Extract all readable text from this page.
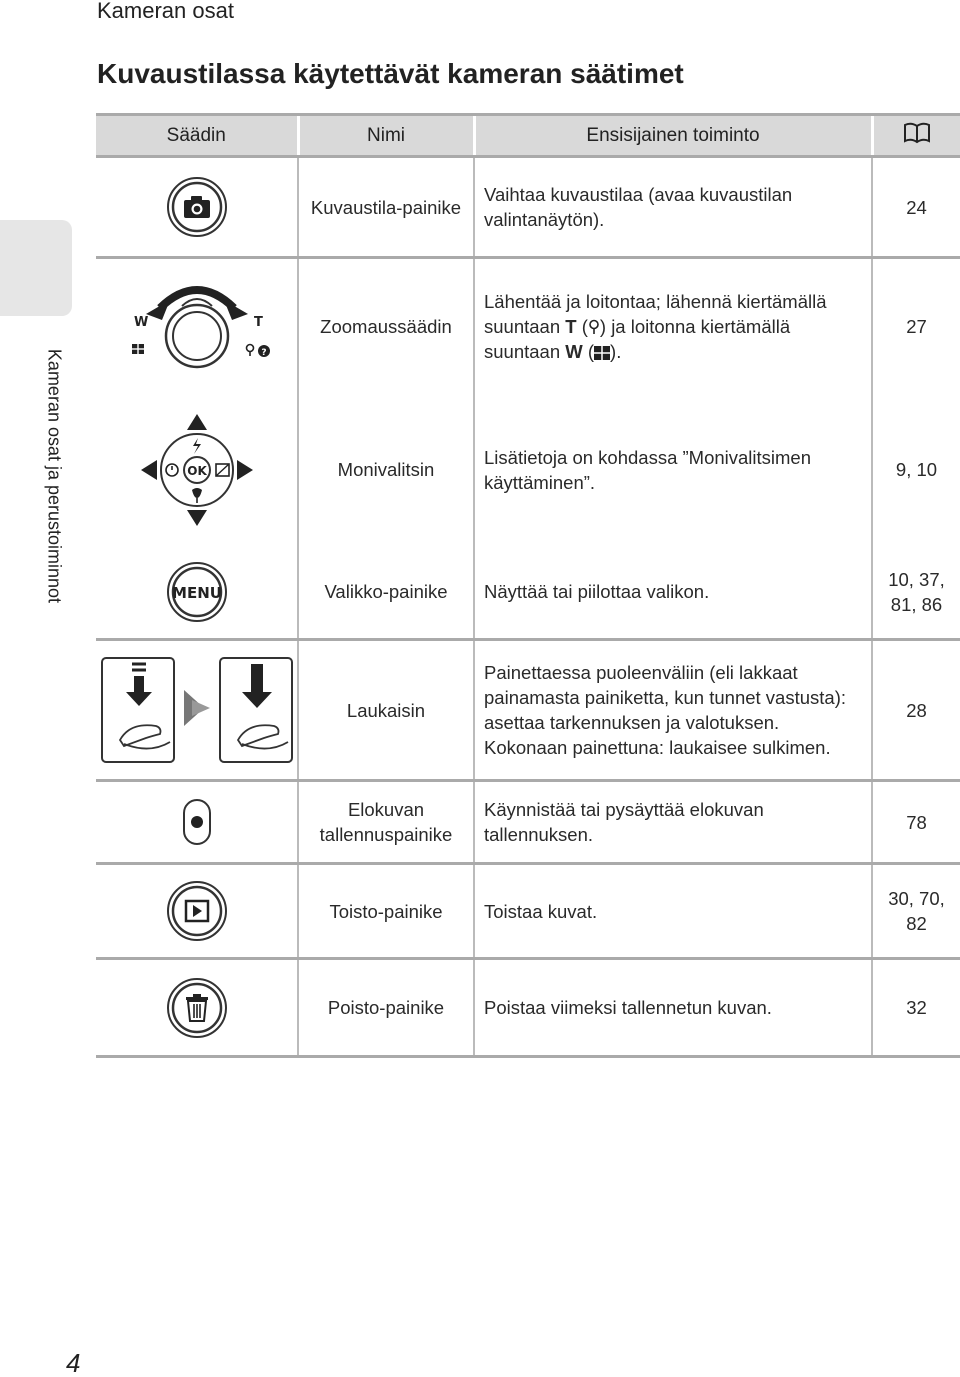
Kameran osat
Kuvaustilassa käytettävät kameran säätimet
Kameran osat ja perustoiminnot
Säädin	Nimi	Ensisijainen toiminto	

	Kuvaustila-painike	Vaihtaa kuvaustilaa (avaa kuvaustilan valintanäytön).	24

W T
?	Zoomaussäädin	Lähentää ja loitontaa; lähennä kiertämällä suuntaan T ( ) ja loitonna kiertämällä suuntaan W ( ).	27

OK	Monivalitsin	Lisätietoja on kohdassa ”Monivalitsimen käyttäminen”.	9, 10

MENU	Valikko-painike	Näyttää tai piilottaa valikon.	10, 37,
81, 86

	Laukaisin	Painettaessa puoleenväliin (eli lakkaat painamasta painiketta, kun tunnet vastusta): asettaa tarkennuksen ja valotuksen.
Kokonaan painettuna: laukaisee sulkimen.	28

Elokuvan
tallennuspainike	Käynnistää tai pysäyttää elokuvan tallennuksen.	78

	Toisto-painike	Toistaa kuvat.	30, 70,
82

	Poisto-painike	Poistaa viimeksi tallennetun kuvan.	32
4
